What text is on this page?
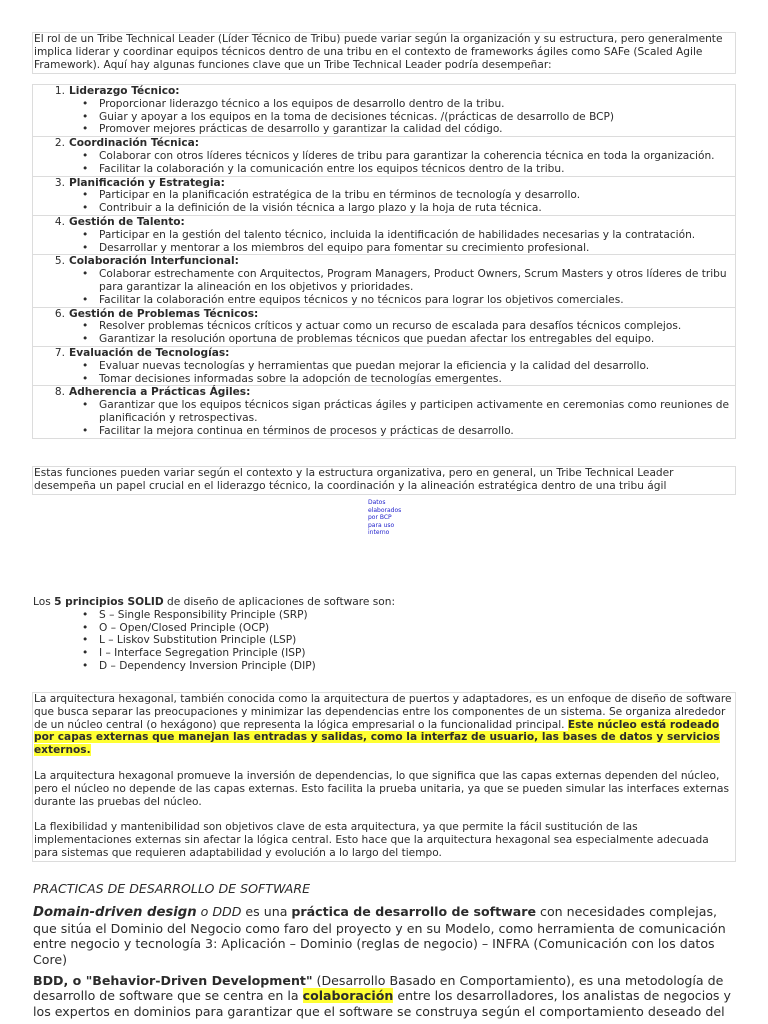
El rol de un Tribe Technical Leader (Líder Técnico de Tribu) puede variar según la organización y su estructura, pero generalmente implica liderar y coordinar equipos técnicos dentro de una tribu en el contexto de frameworks ágiles como SAFe (Scaled Agile Framework). Aquí hay algunas funciones clave que un Tribe Technical Leader podría desempeñar:

1. Liderazgo Técnico:
• Proporcionar liderazgo técnico a los equipos de desarrollo dentro de la tribu.
• Guiar y apoyar a los equipos en la toma de decisiones técnicas. /(prácticas de desarrollo de BCP)
• Promover mejores prácticas de desarrollo y garantizar la calidad del código.
2. Coordinación Técnica:
• Colaborar con otros líderes técnicos y líderes de tribu para garantizar la coherencia técnica en toda la organización.
• Facilitar la colaboración y la comunicación entre los equipos técnicos dentro de la tribu.
3. Planificación y Estrategia:
• Participar en la planificación estratégica de la tribu en términos de tecnología y desarrollo.
• Contribuir a la definición de la visión técnica a largo plazo y la hoja de ruta técnica.
4. Gestión de Talento:
• Participar en la gestión del talento técnico, incluida la identificación de habilidades necesarias y la contratación.
• Desarrollar y mentorar a los miembros del equipo para fomentar su crecimiento profesional.
5. Colaboración Interfuncional:
• Colaborar estrechamente con Arquitectos, Program Managers, Product Owners, Scrum Masters y otros líderes de tribu para garantizar la alineación en los objetivos y prioridades.
• Facilitar la colaboración entre equipos técnicos y no técnicos para lograr los objetivos comerciales.
6. Gestión de Problemas Técnicos:
• Resolver problemas técnicos críticos y actuar como un recurso de escalada para desafíos técnicos complejos.
• Garantizar la resolución oportuna de problemas técnicos que puedan afectar los entregables del equipo.
7. Evaluación de Tecnologías:
• Evaluar nuevas tecnologías y herramientas que puedan mejorar la eficiencia y la calidad del desarrollo.
• Tomar decisiones informadas sobre la adopción de tecnologías emergentes.
8. Adherencia a Prácticas Ágiles:
• Garantizar que los equipos técnicos sigan prácticas ágiles y participen activamente en ceremonias como reuniones de planificación y retrospectivas.
• Facilitar la mejora continua en términos de procesos y prácticas de desarrollo.

Estas funciones pueden variar según el contexto y la estructura organizativa, pero en general, un Tribe Technical Leader desempeña un papel crucial en el liderazgo técnico, la coordinación y la alineación estratégica dentro de una tribu ágil

Datos elaborados por BCP para uso interno

Los 5 principios SOLID de diseño de aplicaciones de software son:

• S – Single Responsibility Principle (SRP)
• O – Open/Closed Principle (OCP)
• L – Liskov Substitution Principle (LSP)
• I – Interface Segregation Principle (ISP)
• D – Dependency Inversion Principle (DIP)

La arquitectura hexagonal, también conocida como la arquitectura de puertos y adaptadores, es un enfoque de diseño de software que busca separar las preocupaciones y minimizar las dependencias entre los componentes de un sistema. Se organiza alrededor de un núcleo central (o hexágono) que representa la lógica empresarial o la funcionalidad principal. Este núcleo está rodeado por capas externas que manejan las entradas y salidas, como la interfaz de usuario, las bases de datos y servicios externos.

La arquitectura hexagonal promueve la inversión de dependencias, lo que significa que las capas externas dependen del núcleo, pero el núcleo no depende de las capas externas. Esto facilita la prueba unitaria, ya que se pueden simular las interfaces externas durante las pruebas del núcleo.

La flexibilidad y mantenibilidad son objetivos clave de esta arquitectura, ya que permite la fácil sustitución de las implementaciones externas sin afectar la lógica central. Esto hace que la arquitectura hexagonal sea especialmente adecuada para sistemas que requieren adaptabilidad y evolución a lo largo del tiempo.

PRACTICAS DE DESARROLLO DE SOFTWARE

Domain-driven design o DDD es una práctica de desarrollo de software con necesidades complejas, que sitúa el Dominio del Negocio como faro del proyecto y en su Modelo, como herramienta de comunicación entre negocio y tecnología 3: Aplicación – Dominio (reglas de negocio) – INFRA (Comunicación con los datos Core)

BDD, o "Behavior-Driven Development" (Desarrollo Basado en Comportamiento), es una metodología de desarrollo de software que se centra en la colaboración entre los desarrolladores, los analistas de negocios y los expertos en dominios para garantizar que el software se construya según el comportamiento deseado del
